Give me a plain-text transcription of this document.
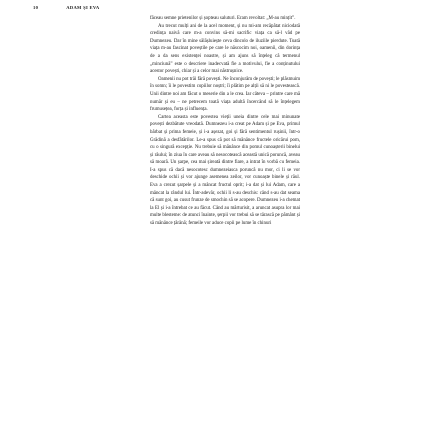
10	ADAM ȘI EVA

făceau semne prietenilor și șopteau saluturi. Eram revoltat: „M-au mințit”.

Au trecut mulți ani de la acel moment, și nu mi-am recăpătat niciodată credința naivă care m-a convins să-mi sacrific viața ca să-l văd pe Dumnezeu. Dar în mine sălășluiește ceva dincolo de iluziile pierdute. Toată viața m-au fascinat poveștile pe care le născocim noi, oamenii, din dorința de a da sens existenței noastre, și am ajuns să înțeleg că termenul „minciună” este o descriere inadecvată fie a motivului, fie a conținutului acestor povești, chiar și a celor mai năstrușnice.

Oamenii nu pot trăi fără povești. Ne înconjurăm de povești; le plăsmuim în somn; îi le povestim copiilor noștri; îi plătim pe alții să ni le povestească. Unii dintre noi am făcut o meserie din a le crea. Iar câteva – printre care mă număr și eu – ne petrecem toată viața adultă încercând să le înțelegem frumusețea, forța și influența.

Cartea aceasta este povestea vieții uneia dintre cele mai minunate povești dezbătute vreodată. Dumnezeu i-a creat pe Adam și pe Eva, primul bărbat și prima femeie, și i-a așezat, goi și fără sentimentul rușinii, într-o Grădină a desfătărilor. Le-a spus că pot să mănânce fructele oricărui pom, cu o singură excepție. Nu trebuie să mănânce din pomul cunoașterii binelui și răului; în ziua în care aveau să nesocotească această unică poruncă, aveau să moară. Un șarpe, cea mai șireată dintre fiare, a intrat în vorbă cu femeia. I-a spus că dacă nesocotesc dumnezeiasca poruncă nu mor, ci li se vor deschide ochii și vor ajunge asemenea zeilor, vor cunoaște binele și răul. Eva a crezut șarpele și a mâncat fructul oprit; i-a dat și lui Adam, care a mâncat la rândul lui. Într-adevăr, ochii li s-au deschis: când s-au dat seama că sunt goi, au cusut frunze de smochin să se acopere. Dumnezeu i-a chemat la El și i-a întrebat ce au făcut. Când au mărturisit, a aruncat asupra lor mai multe blesteme: de atunci înainte, șerpii vor trebui să se târască pe pământ și să mănânce țărână; femeile vor aduce copii pe lume în chinuri
